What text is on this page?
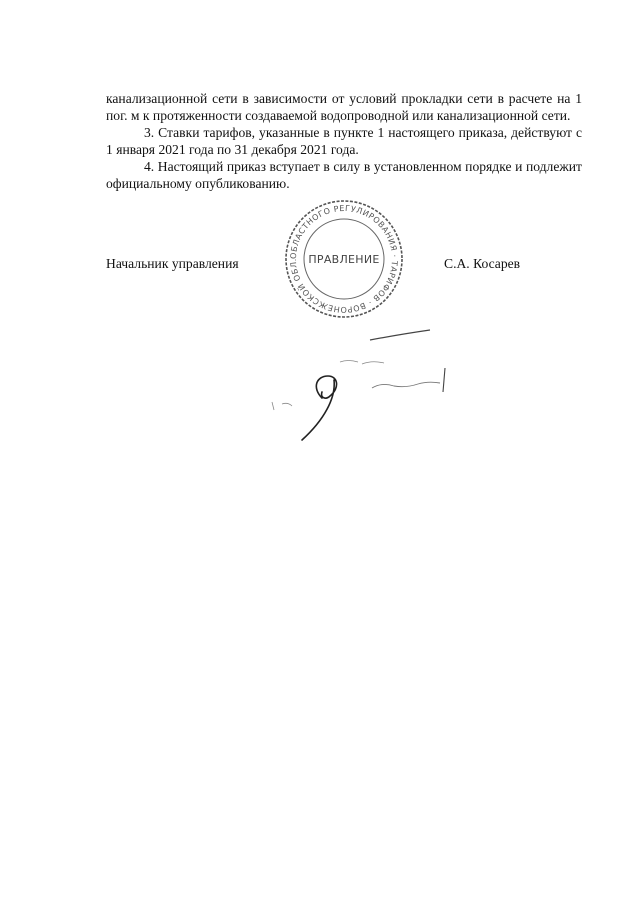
канализационной сети в зависимости от условий прокладки сети в расчете на 1 пог. м к протяженности создаваемой водопроводной или канализационной сети.

3. Ставки тарифов, указанные в пункте 1 настоящего приказа, действуют с 1 января 2021 года по 31 декабря 2021 года.

4. Настоящий приказ вступает в силу в установленном порядке и подлежит официальному опубликованию.

ОБЛАСТНОГО РЕГУЛИРОВАНИЯ · ТАРИФОВ · ВОРОНЕЖСКОЙ ОБЛ. ПРАВЛЕНИЕ
Начальник управления	С.А. Косарев
